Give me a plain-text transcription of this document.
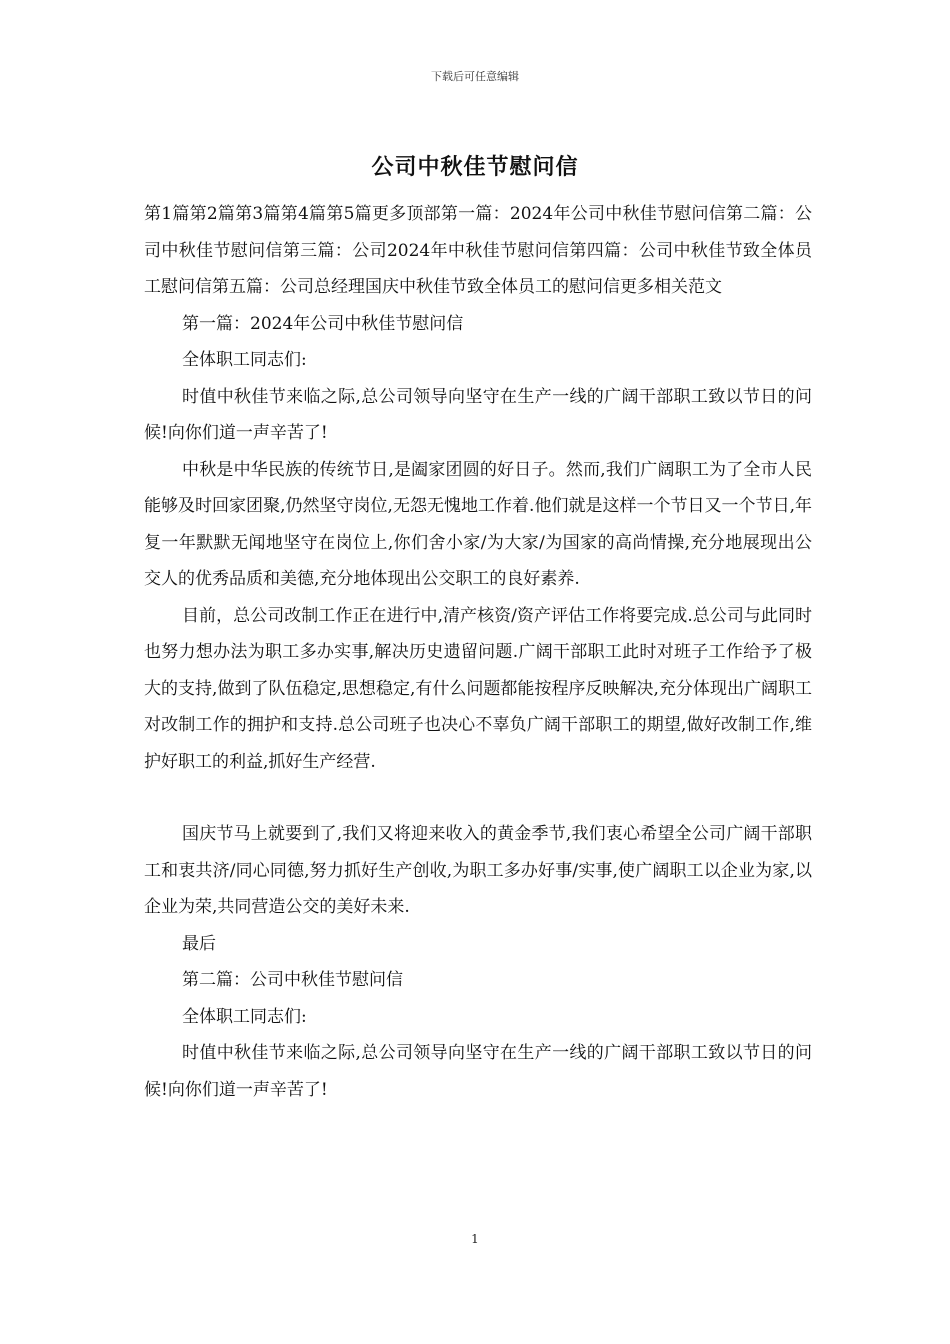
下载后可任意编辑
公司中秋佳节慰问信

第1篇第2篇第3篇第4篇第5篇更多顶部第一篇：2024年公司中秋佳节慰问信第二篇：公司中秋佳节慰问信第三篇：公司2024年中秋佳节慰问信第四篇：公司中秋佳节致全体员工慰问信第五篇：公司总经理国庆中秋佳节致全体员工的慰问信更多相关范文

第一篇：2024年公司中秋佳节慰问信

全体职工同志们:

时值中秋佳节来临之际,总公司领导向坚守在生产一线的广阔干部职工致以节日的问候!向你们道一声辛苦了!

中秋是中华民族的传统节日,是阖家团圆的好日子。然而,我们广阔职工为了全市人民能够及时回家团聚,仍然坚守岗位,无怨无愧地工作着.他们就是这样一个节日又一个节日,年复一年默默无闻地坚守在岗位上,你们舍小家/为大家/为国家的高尚情操,充分地展现出公交人的优秀品质和美德,充分地体现出公交职工的良好素养.

目前，总公司改制工作正在进行中,清产核资/资产评估工作将要完成.总公司与此同时也努力想办法为职工多办实事,解决历史遗留问题.广阔干部职工此时对班子工作给予了极大的支持,做到了队伍稳定,思想稳定,有什么问题都能按程序反映解决,充分体现出广阔职工对改制工作的拥护和支持.总公司班子也决心不辜负广阔干部职工的期望,做好改制工作,维护好职工的利益,抓好生产经营.

国庆节马上就要到了,我们又将迎来收入的黄金季节,我们衷心希望全公司广阔干部职工和衷共济/同心同德,努力抓好生产创收,为职工多办好事/实事,使广阔职工以企业为家,以企业为荣,共同营造公交的美好未来.

最后

第二篇：公司中秋佳节慰问信

全体职工同志们:

时值中秋佳节来临之际,总公司领导向坚守在生产一线的广阔干部职工致以节日的问候!向你们道一声辛苦了!

1
